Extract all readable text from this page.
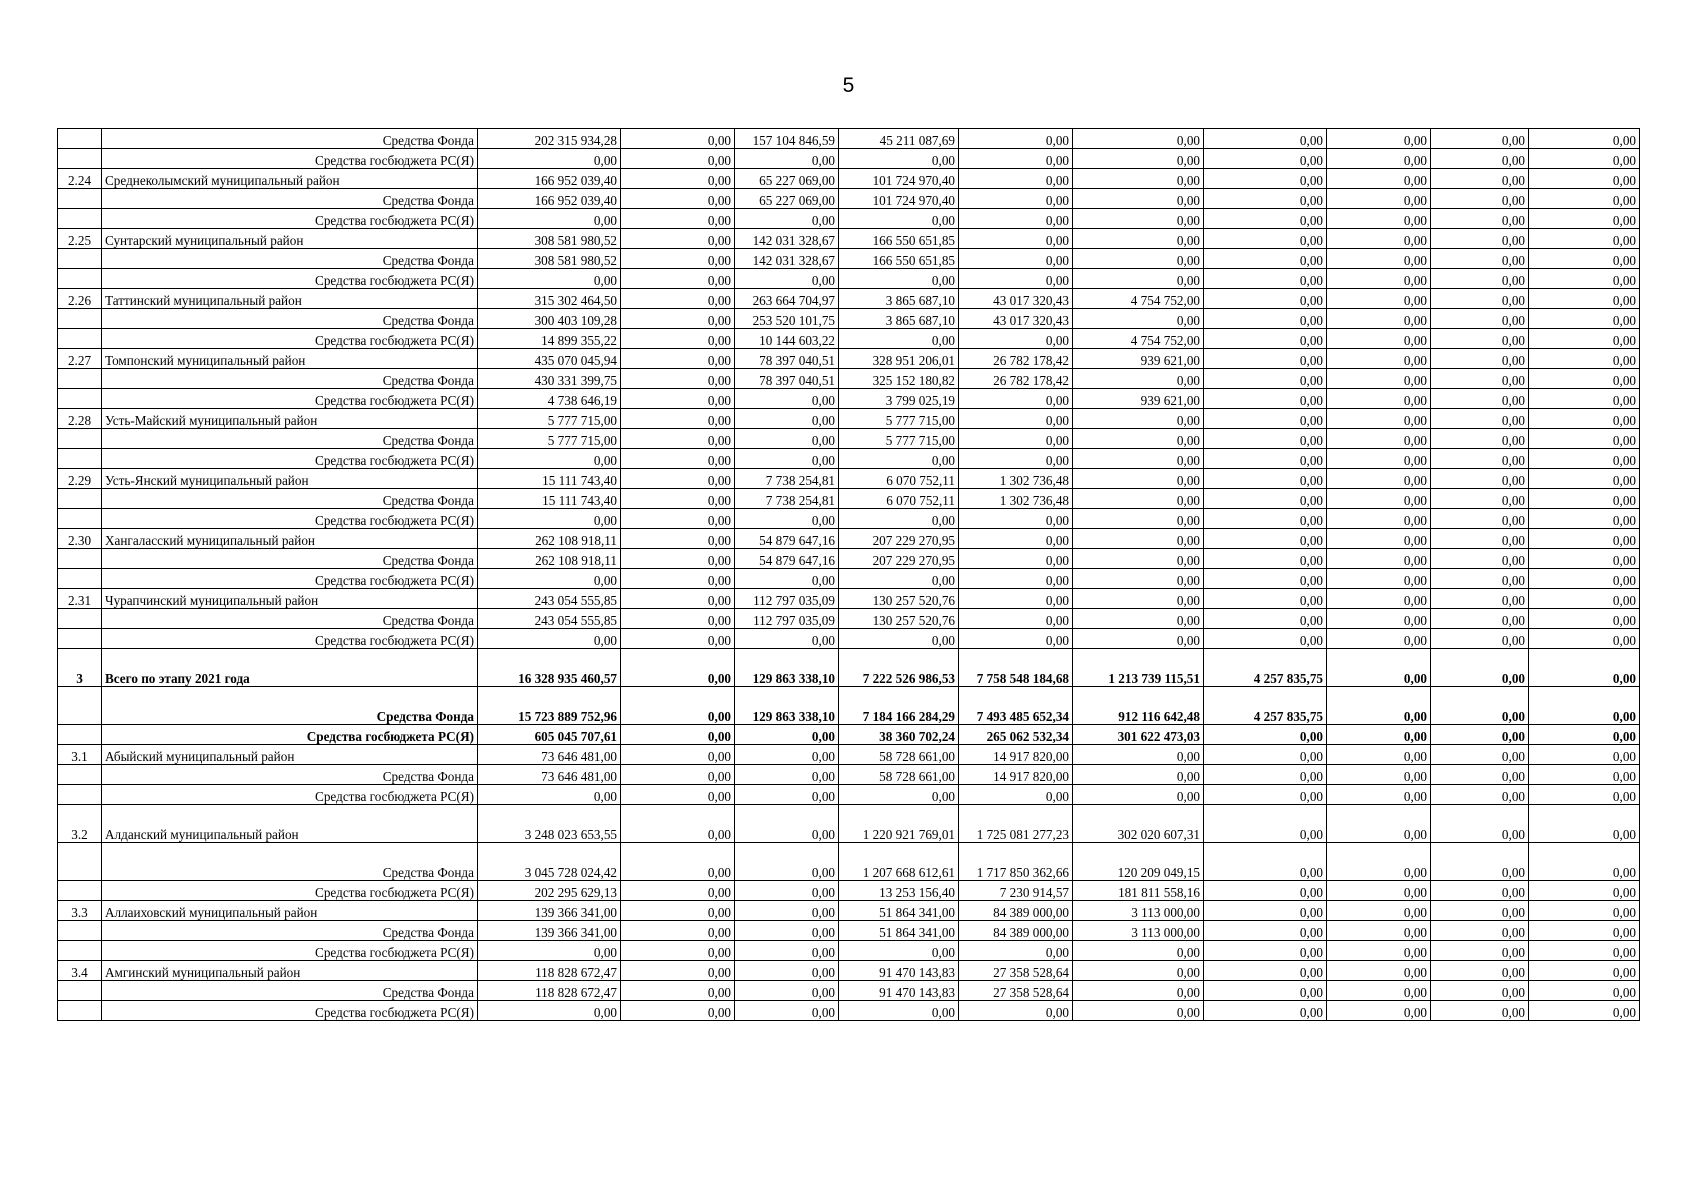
5
	Средства Фонда	202 315 934,28	0,00	157 104 846,59	45 211 087,69	0,00	0,00	0,00	0,00	0,00	0,00
	Средства госбюджета РС(Я)	0,00	0,00	0,00	0,00	0,00	0,00	0,00	0,00	0,00	0,00
2.24	Среднеколымский муниципальный район	166 952 039,40	0,00	65 227 069,00	101 724 970,40	0,00	0,00	0,00	0,00	0,00	0,00
	Средства Фонда	166 952 039,40	0,00	65 227 069,00	101 724 970,40	0,00	0,00	0,00	0,00	0,00	0,00
	Средства госбюджета РС(Я)	0,00	0,00	0,00	0,00	0,00	0,00	0,00	0,00	0,00	0,00
2.25	Сунтарский муниципальный район	308 581 980,52	0,00	142 031 328,67	166 550 651,85	0,00	0,00	0,00	0,00	0,00	0,00
	Средства Фонда	308 581 980,52	0,00	142 031 328,67	166 550 651,85	0,00	0,00	0,00	0,00	0,00	0,00
	Средства госбюджета РС(Я)	0,00	0,00	0,00	0,00	0,00	0,00	0,00	0,00	0,00	0,00
2.26	Таттинский муниципальный район	315 302 464,50	0,00	263 664 704,97	3 865 687,10	43 017 320,43	4 754 752,00	0,00	0,00	0,00	0,00
	Средства Фонда	300 403 109,28	0,00	253 520 101,75	3 865 687,10	43 017 320,43	0,00	0,00	0,00	0,00	0,00
	Средства госбюджета РС(Я)	14 899 355,22	0,00	10 144 603,22	0,00	0,00	4 754 752,00	0,00	0,00	0,00	0,00
2.27	Томпонский муниципальный район	435 070 045,94	0,00	78 397 040,51	328 951 206,01	26 782 178,42	939 621,00	0,00	0,00	0,00	0,00
	Средства Фонда	430 331 399,75	0,00	78 397 040,51	325 152 180,82	26 782 178,42	0,00	0,00	0,00	0,00	0,00
	Средства госбюджета РС(Я)	4 738 646,19	0,00	0,00	3 799 025,19	0,00	939 621,00	0,00	0,00	0,00	0,00
2.28	Усть-Майский муниципальный район	5 777 715,00	0,00	0,00	5 777 715,00	0,00	0,00	0,00	0,00	0,00	0,00
	Средства Фонда	5 777 715,00	0,00	0,00	5 777 715,00	0,00	0,00	0,00	0,00	0,00	0,00
	Средства госбюджета РС(Я)	0,00	0,00	0,00	0,00	0,00	0,00	0,00	0,00	0,00	0,00
2.29	Усть-Янский муниципальный район	15 111 743,40	0,00	7 738 254,81	6 070 752,11	1 302 736,48	0,00	0,00	0,00	0,00	0,00
	Средства Фонда	15 111 743,40	0,00	7 738 254,81	6 070 752,11	1 302 736,48	0,00	0,00	0,00	0,00	0,00
	Средства госбюджета РС(Я)	0,00	0,00	0,00	0,00	0,00	0,00	0,00	0,00	0,00	0,00
2.30	Хангаласский муниципальный район	262 108 918,11	0,00	54 879 647,16	207 229 270,95	0,00	0,00	0,00	0,00	0,00	0,00
	Средства Фонда	262 108 918,11	0,00	54 879 647,16	207 229 270,95	0,00	0,00	0,00	0,00	0,00	0,00
	Средства госбюджета РС(Я)	0,00	0,00	0,00	0,00	0,00	0,00	0,00	0,00	0,00	0,00
2.31	Чурапчинский муниципальный район	243 054 555,85	0,00	112 797 035,09	130 257 520,76	0,00	0,00	0,00	0,00	0,00	0,00
	Средства Фонда	243 054 555,85	0,00	112 797 035,09	130 257 520,76	0,00	0,00	0,00	0,00	0,00	0,00
	Средства госбюджета РС(Я)	0,00	0,00	0,00	0,00	0,00	0,00	0,00	0,00	0,00	0,00
3	Всего по этапу 2021 года	16 328 935 460,57	0,00	129 863 338,10	7 222 526 986,53	7 758 548 184,68	1 213 739 115,51	4 257 835,75	0,00	0,00	0,00
	Средства Фонда	15 723 889 752,96	0,00	129 863 338,10	7 184 166 284,29	7 493 485 652,34	912 116 642,48	4 257 835,75	0,00	0,00	0,00
	Средства госбюджета РС(Я)	605 045 707,61	0,00	0,00	38 360 702,24	265 062 532,34	301 622 473,03	0,00	0,00	0,00	0,00
3.1	Абыйский муниципальный район	73 646 481,00	0,00	0,00	58 728 661,00	14 917 820,00	0,00	0,00	0,00	0,00	0,00
	Средства Фонда	73 646 481,00	0,00	0,00	58 728 661,00	14 917 820,00	0,00	0,00	0,00	0,00	0,00
	Средства госбюджета РС(Я)	0,00	0,00	0,00	0,00	0,00	0,00	0,00	0,00	0,00	0,00
3.2	Алданский муниципальный район	3 248 023 653,55	0,00	0,00	1 220 921 769,01	1 725 081 277,23	302 020 607,31	0,00	0,00	0,00	0,00
	Средства Фонда	3 045 728 024,42	0,00	0,00	1 207 668 612,61	1 717 850 362,66	120 209 049,15	0,00	0,00	0,00	0,00
	Средства госбюджета РС(Я)	202 295 629,13	0,00	0,00	13 253 156,40	7 230 914,57	181 811 558,16	0,00	0,00	0,00	0,00
3.3	Аллаиховский муниципальный район	139 366 341,00	0,00	0,00	51 864 341,00	84 389 000,00	3 113 000,00	0,00	0,00	0,00	0,00
	Средства Фонда	139 366 341,00	0,00	0,00	51 864 341,00	84 389 000,00	3 113 000,00	0,00	0,00	0,00	0,00
	Средства госбюджета РС(Я)	0,00	0,00	0,00	0,00	0,00	0,00	0,00	0,00	0,00	0,00
3.4	Амгинский муниципальный район	118 828 672,47	0,00	0,00	91 470 143,83	27 358 528,64	0,00	0,00	0,00	0,00	0,00
	Средства Фонда	118 828 672,47	0,00	0,00	91 470 143,83	27 358 528,64	0,00	0,00	0,00	0,00	0,00
	Средства госбюджета РС(Я)	0,00	0,00	0,00	0,00	0,00	0,00	0,00	0,00	0,00	0,00
